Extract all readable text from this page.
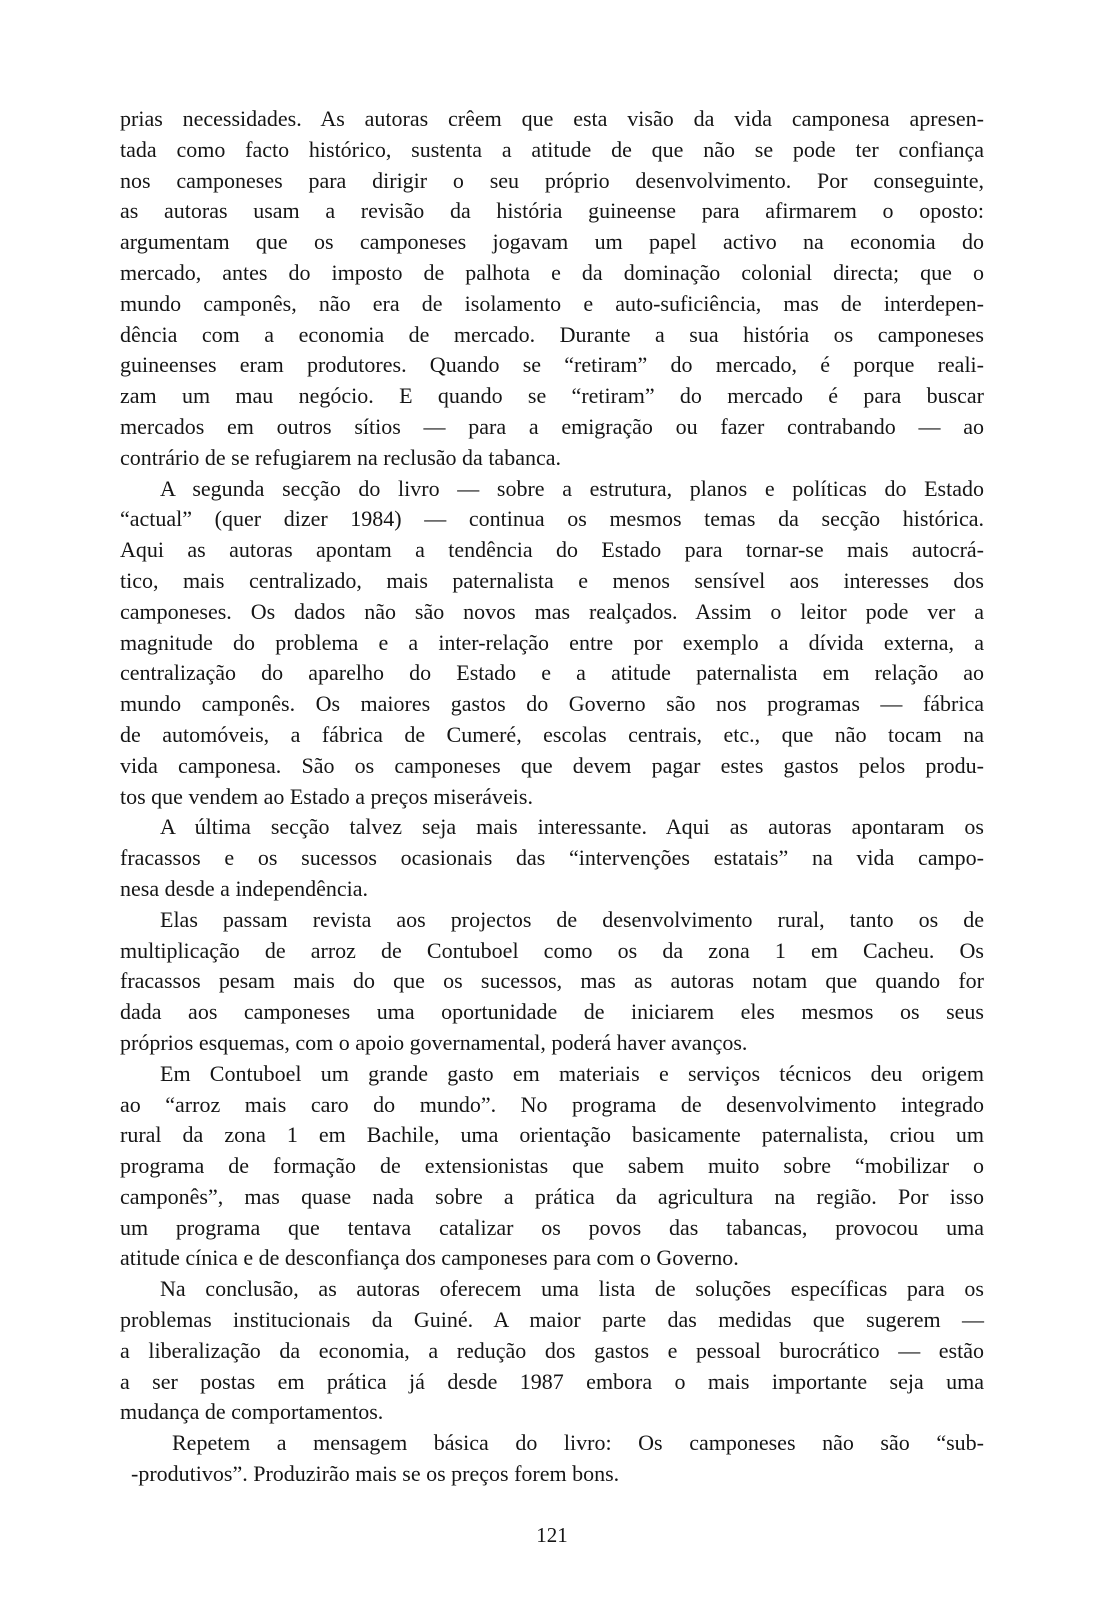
prias necessidades. As autoras crêem que esta visão da vida camponesa apresen-
tada como facto histórico, sustenta a atitude de que não se pode ter confiança
nos camponeses para dirigir o seu próprio desenvolvimento. Por conseguinte,
as autoras usam a revisão da história guineense para afirmarem o oposto:
argumentam que os camponeses jogavam um papel activo na economia do
mercado, antes do imposto de palhota e da dominação colonial directa; que o
mundo camponês, não era de isolamento e auto-suficiência, mas de interdepen-
dência com a economia de mercado. Durante a sua história os camponeses
guineenses eram produtores. Quando se “retiram” do mercado, é porque reali-
zam um mau negócio. E quando se “retiram” do mercado é para buscar
mercados em outros sítios — para a emigração ou fazer contrabando — ao
contrário de se refugiarem na reclusão da tabanca.
A segunda secção do livro — sobre a estrutura, planos e políticas do Estado
“actual” (quer dizer 1984) — continua os mesmos temas da secção histórica.
Aqui as autoras apontam a tendência do Estado para tornar-se mais autocrá-
tico, mais centralizado, mais paternalista e menos sensível aos interesses dos
camponeses. Os dados não são novos mas realçados. Assim o leitor pode ver a
magnitude do problema e a inter-relação entre por exemplo a dívida externa, a
centralização do aparelho do Estado e a atitude paternalista em relação ao
mundo camponês. Os maiores gastos do Governo são nos programas — fábrica
de automóveis, a fábrica de Cumeré, escolas centrais, etc., que não tocam na
vida camponesa. São os camponeses que devem pagar estes gastos pelos produ-
tos que vendem ao Estado a preços miseráveis.
A última secção talvez seja mais interessante. Aqui as autoras apontaram os
fracassos e os sucessos ocasionais das “intervenções estatais” na vida campo-
nesa desde a independência.
Elas passam revista aos projectos de desenvolvimento rural, tanto os de
multiplicação de arroz de Contuboel como os da zona 1 em Cacheu. Os
fracassos pesam mais do que os sucessos, mas as autoras notam que quando for
dada aos camponeses uma oportunidade de iniciarem eles mesmos os seus
próprios esquemas, com o apoio governamental, poderá haver avanços.
Em Contuboel um grande gasto em materiais e serviços técnicos deu origem
ao “arroz mais caro do mundo”. No programa de desenvolvimento integrado
rural da zona 1 em Bachile, uma orientação basicamente paternalista, criou um
programa de formação de extensionistas que sabem muito sobre “mobilizar o
camponês”, mas quase nada sobre a prática da agricultura na região. Por isso
um programa que tentava catalizar os povos das tabancas, provocou uma
atitude cínica e de desconfiança dos camponeses para com o Governo.
Na conclusão, as autoras oferecem uma lista de soluções específicas para os
problemas institucionais da Guiné. A maior parte das medidas que sugerem —
a liberalização da economia, a redução dos gastos e pessoal burocrático — estão
a ser postas em prática já desde 1987 embora o mais importante seja uma
mudança de comportamentos.
Repetem a mensagem básica do livro: Os camponeses não são “sub-
-produtivos”. Produzirão mais se os preços forem bons.
121
